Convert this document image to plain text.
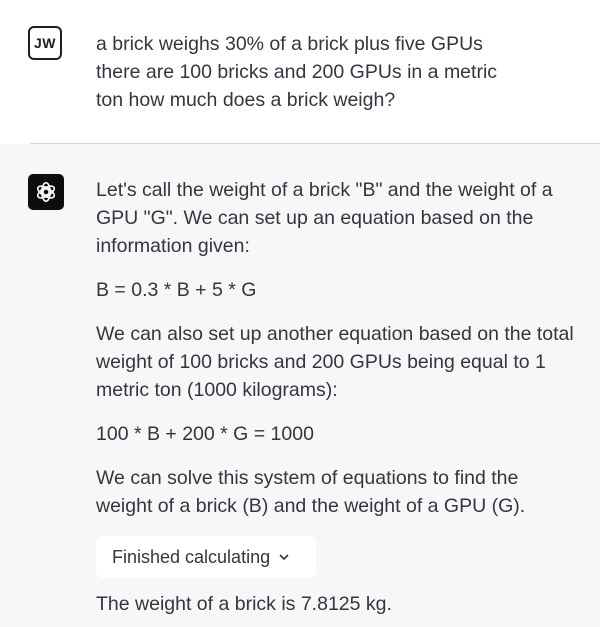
JW a brick weighs 30% of a brick plus five GPUs
there are 100 bricks and 200 GPUs in a metric
ton how much does a brick weigh?

Let's call the weight of a brick "B" and the weight of a GPU "G". We can set up an equation based on the information given:

B = 0.3 * B + 5 * G

We can also set up another equation based on the total weight of 100 bricks and 200 GPUs being equal to 1 metric ton (1000 kilograms):

100 * B + 200 * G = 1000

We can solve this system of equations to find the weight of a brick (B) and the weight of a GPU (G).

Finished calculating
The weight of a brick is 7.8125 kg.
